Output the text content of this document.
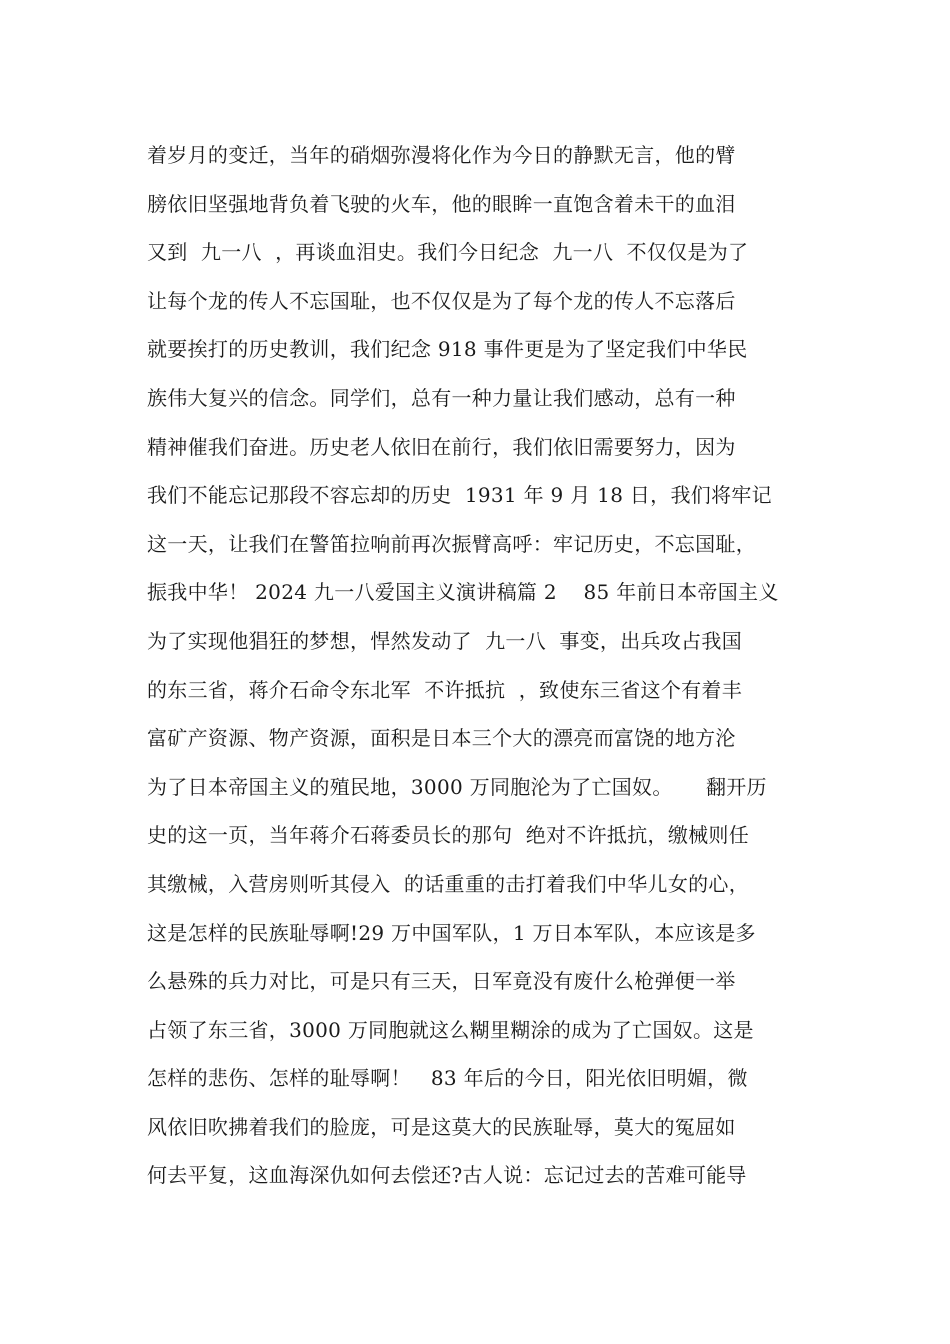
着岁月的变迁，当年的硝烟弥漫将化作为今日的静默无言，他的臂
膀依旧坚强地背负着飞驶的火车，他的眼眸一直饱含着未干的血泪
又到  九一八  ，再谈血泪史。我们今日纪念  九一八  不仅仅是为了
让每个龙的传人不忘国耻，也不仅仅是为了每个龙的传人不忘落后
就要挨打的历史教训，我们纪念 918 事件更是为了坚定我们中华民
族伟大复兴的信念。同学们，总有一种力量让我们感动，总有一种
精神催我们奋进。历史老人依旧在前行，我们依旧需要努力，因为
我们不能忘记那段不容忘却的历史  1931 年 9 月 18 日，我们将牢记
这一天，让我们在警笛拉响前再次振臂高呼：牢记历史，不忘国耻，
振我中华！ 2024 九一八爱国主义演讲稿篇 2    85 年前日本帝国主义
为了实现他猖狂的梦想，悍然发动了  九一八  事变，出兵攻占我国
的东三省，蒋介石命令东北军  不许抵抗  ，致使东三省这个有着丰
富矿产资源、物产资源，面积是日本三个大的漂亮而富饶的地方沦
为了日本帝国主义的殖民地，3000 万同胞沦为了亡国奴。     翻开历
史的这一页，当年蒋介石蒋委员长的那句  绝对不许抵抗，缴械则任
其缴械，入营房则听其侵入  的话重重的击打着我们中华儿女的心，
这是怎样的民族耻辱啊!29 万中国军队，1 万日本军队，本应该是多
么悬殊的兵力对比，可是只有三天，日军竟没有废什么枪弹便一举
占领了东三省，3000 万同胞就这么糊里糊涂的成为了亡国奴。这是
怎样的悲伤、怎样的耻辱啊！   83 年后的今日，阳光依旧明媚，微
风依旧吹拂着我们的脸庞，可是这莫大的民族耻辱，莫大的冤屈如
何去平复，这血海深仇如何去偿还?古人说：忘记过去的苦难可能导
